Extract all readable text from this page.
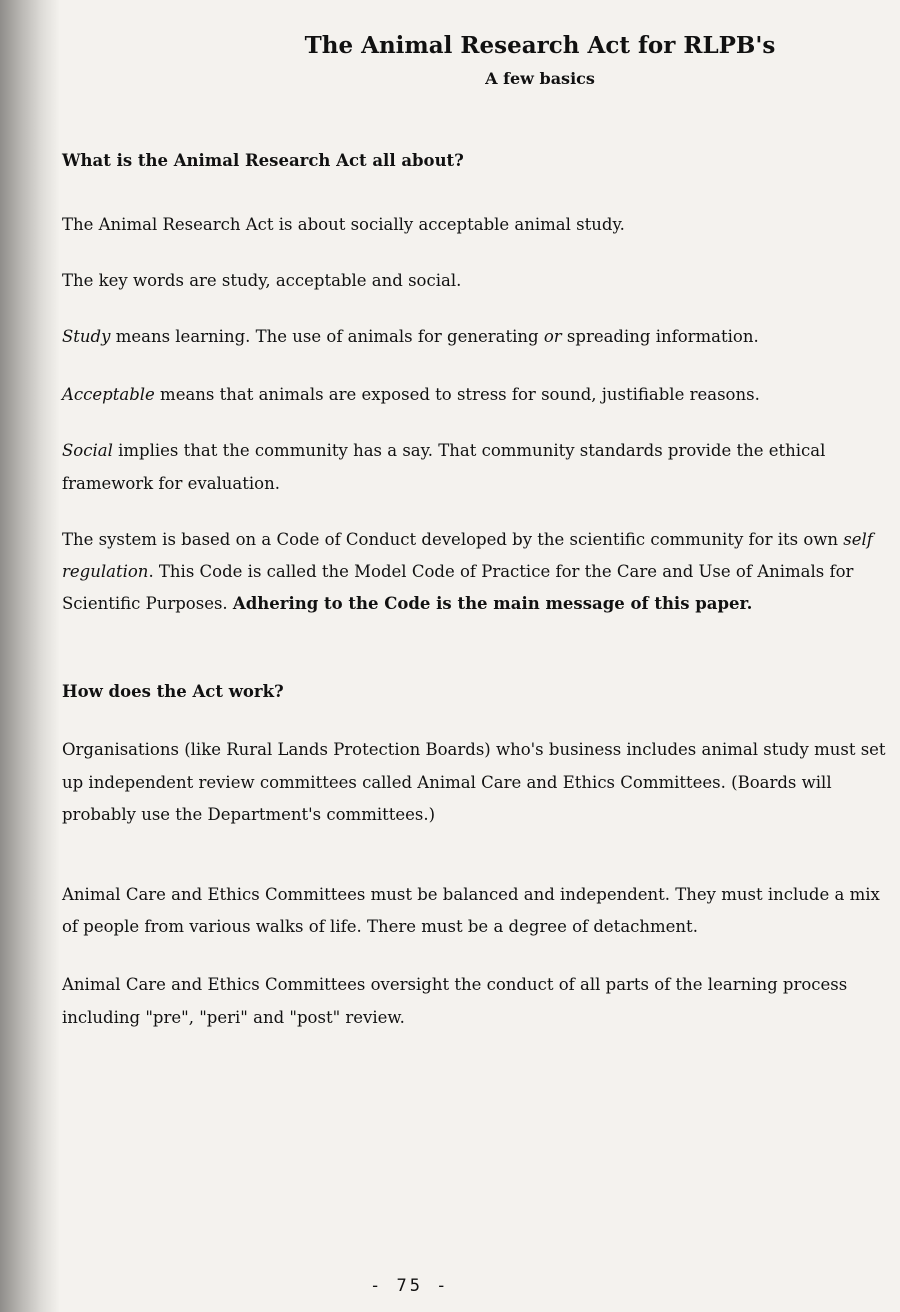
The Animal Research Act for RLPB's
A few basics

What is the Animal Research Act all about?

The Animal Research Act is about socially acceptable animal study.

The key words are study, acceptable and social.

Study means learning. The use of animals for generating or spreading information.

Acceptable means that animals are exposed to stress for sound, justifiable reasons.

Social implies that the community has a say. That community standards provide the ethical framework for evaluation.

The system is based on a Code of Conduct developed by the scientific community for its own self regulation. This Code is called the Model Code of Practice for the Care and Use of Animals for Scientific Purposes. Adhering to the Code is the main message of this paper.

How does the Act work?

Organisations (like Rural Lands Protection Boards) who's business includes animal study must set up independent review committees called Animal Care and Ethics Committees. (Boards will probably use the Department's committees.)

Animal Care and Ethics Committees must be balanced and independent. They must include a mix of people from various walks of life. There must be a degree of detachment.

Animal Care and Ethics Committees oversight the conduct of all parts of the learning process including "pre", "peri" and "post" review.

- 75 -
